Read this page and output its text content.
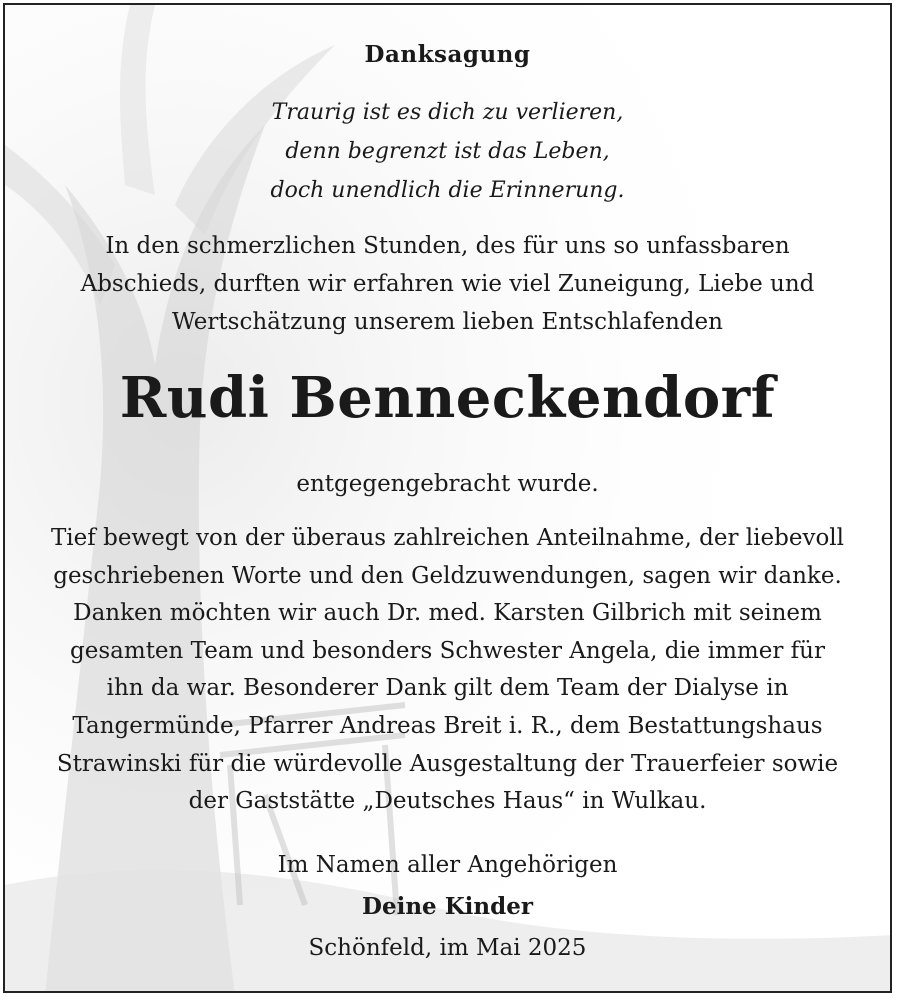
Danksagung
Traurig ist es dich zu verlieren,
denn begrenzt ist das Leben,
doch unendlich die Erinnerung.
In den schmerzlichen Stunden, des für uns so unfassbaren
Abschieds, durften wir erfahren wie viel Zuneigung, Liebe und
Wertschätzung unserem lieben Entschlafenden
Rudi Benneckendorf
entgegengebracht wurde.
Tief bewegt von der überaus zahlreichen Anteilnahme, der liebevoll
geschriebenen Worte und den Geldzuwendungen, sagen wir danke.
Danken möchten wir auch Dr. med. Karsten Gilbrich mit seinem
gesamten Team und besonders Schwester Angela, die immer für
ihn da war. Besonderer Dank gilt dem Team der Dialyse in
Tangermünde, Pfarrer Andreas Breit i. R., dem Bestattungshaus
Strawinski für die würdevolle Ausgestaltung der Trauerfeier sowie
der Gaststätte „Deutsches Haus“ in Wulkau.
Im Namen aller Angehörigen
Deine Kinder
Schönfeld, im Mai 2025
